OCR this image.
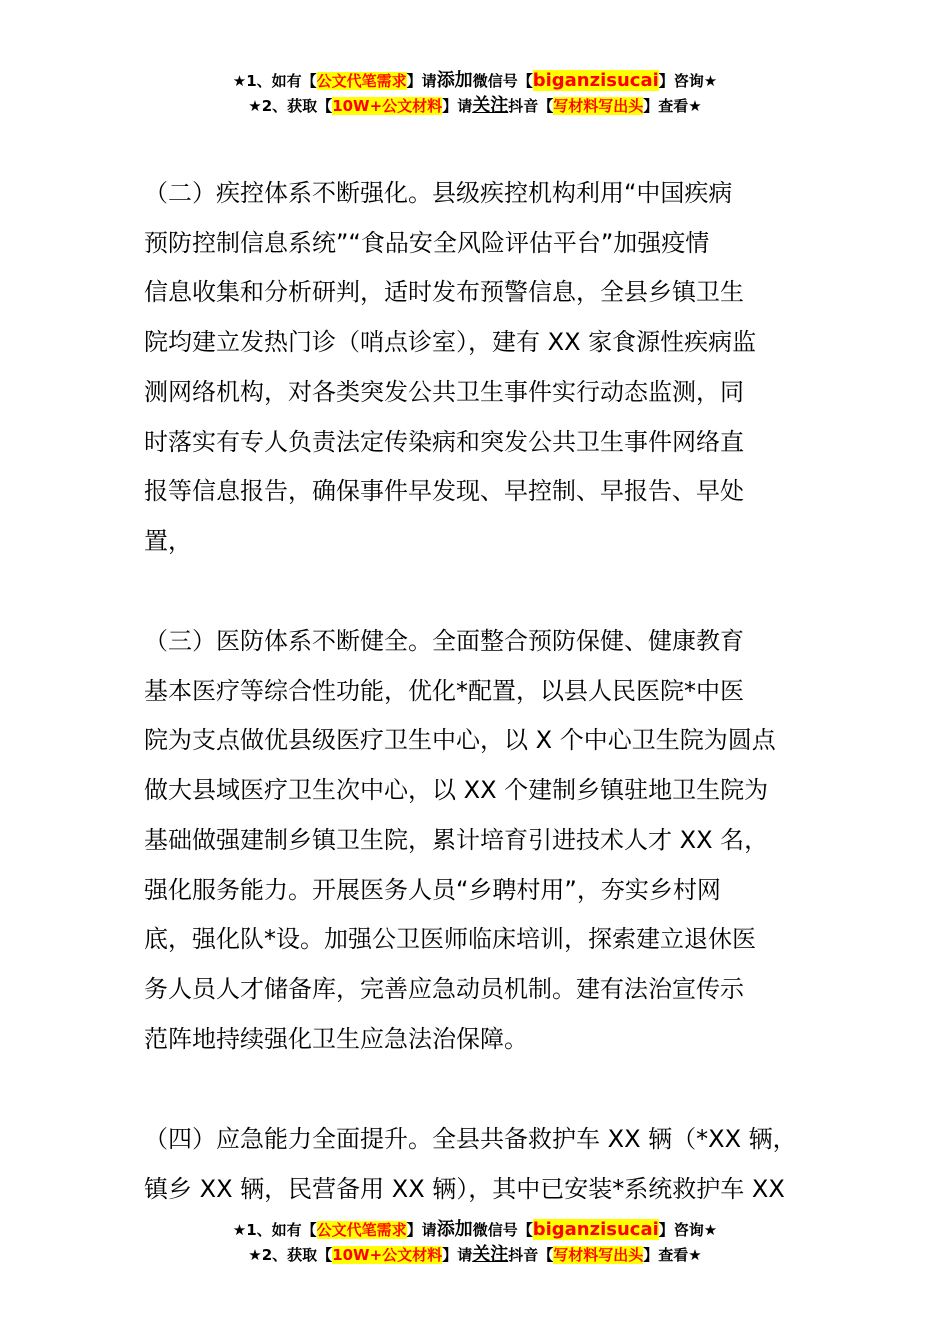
★1、如有【公文代笔需求】请添加微信号【biganzisucai】咨询★
★2、获取【10W+公文材料】请关注抖音【写材料写出头】查看★
（二）疾控体系不断强化。县级疾控机构利用“中国疾病
预防控制信息系统”“食品安全风险评估平台”加强疫情
信息收集和分析研判，适时发布预警信息，全县乡镇卫生
院均建立发热门诊（哨点诊室），建有 XX 家食源性疾病监
测网络机构，对各类突发公共卫生事件实行动态监测，同
时落实有专人负责法定传染病和突发公共卫生事件网络直
报等信息报告，确保事件早发现、早控制、早报告、早处
置，
（三）医防体系不断健全。全面整合预防保健、健康教育
基本医疗等综合性功能，优化*配置，以县人民医院*中医
院为支点做优县级医疗卫生中心，以 X 个中心卫生院为圆点
做大县域医疗卫生次中心，以 XX 个建制乡镇驻地卫生院为
基础做强建制乡镇卫生院，累计培育引进技术人才 XX 名，
强化服务能力。开展医务人员“乡聘村用”，夯实乡村网
底，强化队*设。加强公卫医师临床培训，探索建立退休医
务人员人才储备库，完善应急动员机制。建有法治宣传示
范阵地持续强化卫生应急法治保障。
（四）应急能力全面提升。全县共备救护车 XX 辆（*XX 辆，
镇乡 XX 辆，民营备用 XX 辆），其中已安装*系统救护车 XX
★1、如有【公文代笔需求】请添加微信号【biganzisucai】咨询★
★2、获取【10W+公文材料】请关注抖音【写材料写出头】查看★
